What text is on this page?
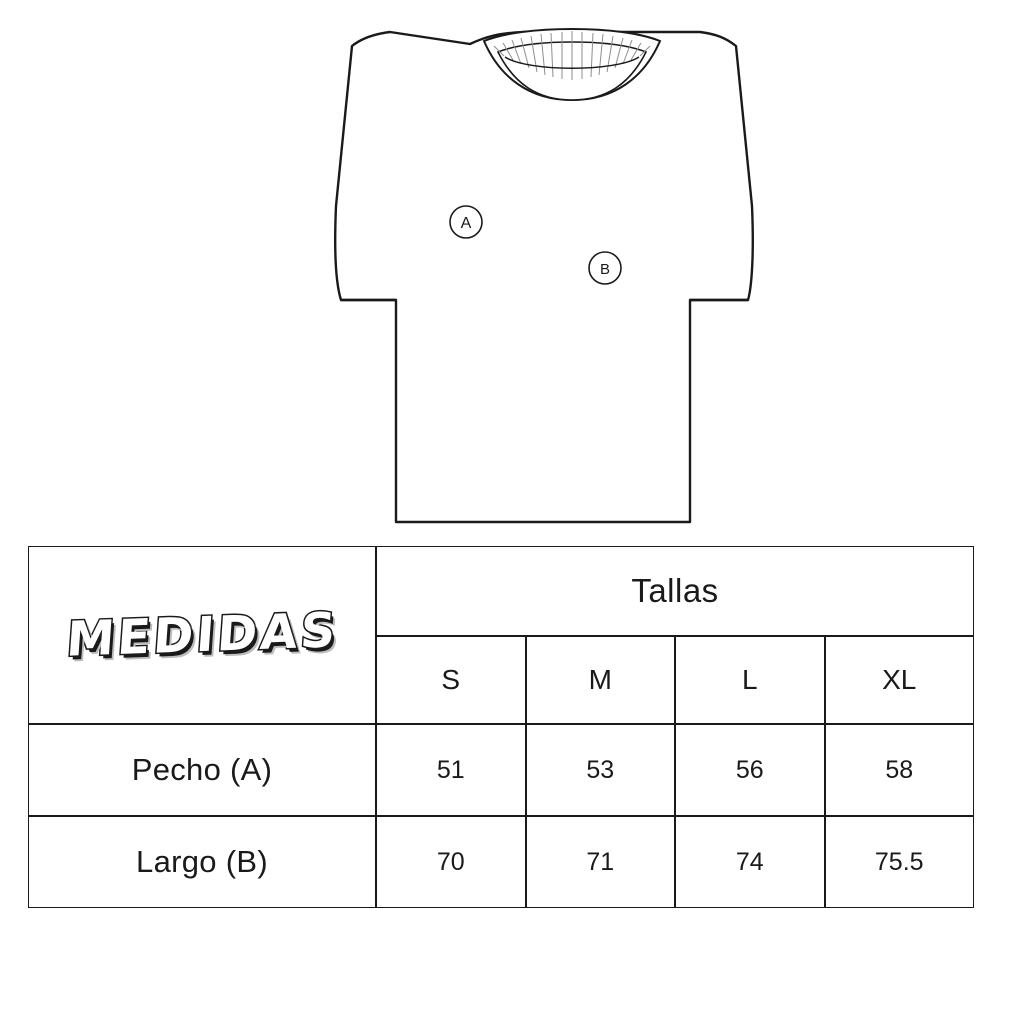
A
B
MEDIDAS	Tallas			
	S	M	L	XL
Pecho (A)	51	53	56	58
Largo (B)	70	71	74	75.5
